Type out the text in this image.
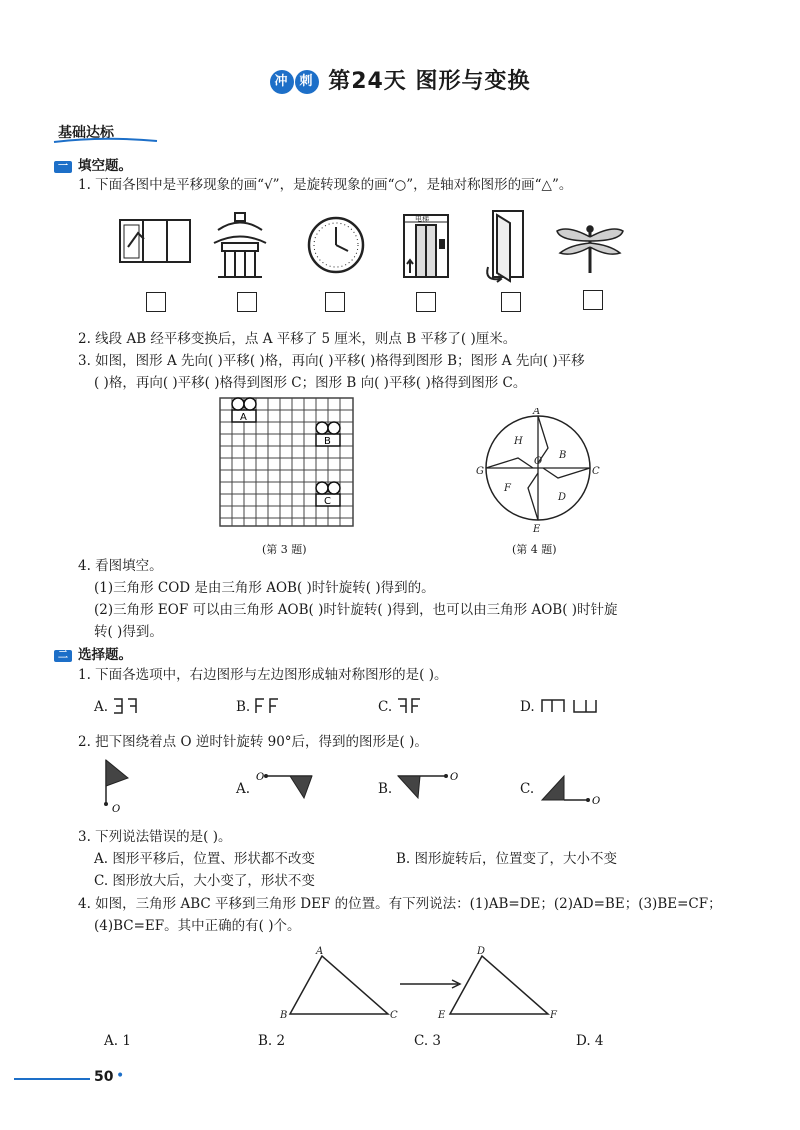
冲 刺 第24天 图形与变换
基础达标
一 填空题。
1. 下面各图中是平移现象的画“√”，是旋转现象的画“○”，是轴对称图形的画“△”。
电梯
2. 线段 AB 经平移变换后，点 A 平移了 5 厘米，则点 B 平移了( )厘米。
3. 如图，图形 A 先向( )平移( )格，再向( )平移( )格得到图形 B；图形 A 先向( )平移
( )格，再向( )平移( )格得到图形 C；图形 B 向( )平移( )格得到图形 C。
A
B
C
(第 3 题)
A
B
C
D
E
F
G
H
O
(第 4 题)
4. 看图填空。
(1)三角形 COD 是由三角形 AOB( )时针旋转( )得到的。
(2)三角形 EOF 可以由三角形 AOB( )时针旋转( )得到，也可以由三角形 AOB( )时针旋
转( )得到。
二 选择题。
1. 下面各选项中，右边图形与左边图形成轴对称图形的是( )。
A.	B.	C.	D.
2. 把下图绕着点 O 逆时针旋转 90°后，得到的图形是( )。
O
O	O
O
A.	B.	C.
3. 下列说法错误的是( )。
A. 图形平移后，位置、形状都不改变	B. 图形旋转后，位置变了，大小不变
C. 图形放大后，大小变了，形状不变
4. 如图，三角形 ABC 平移到三角形 DEF 的位置。有下列说法：(1)AB=DE；(2)AD=BE；(3)BE=CF；
(4)BC=EF。其中正确的有( )个。
A
B	C
D
E	F
A. 1	B. 2	C. 3	D. 4
50 •
